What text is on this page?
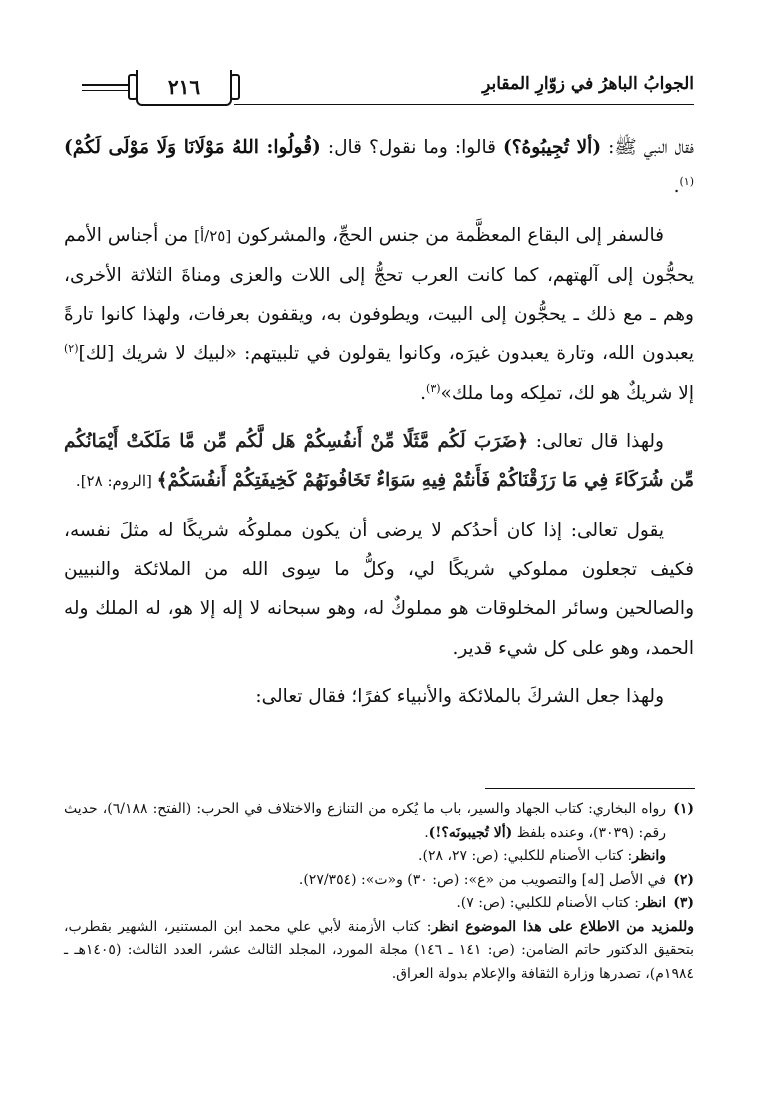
الجوابُ الباهرُ في زوّارِ المقابرِ
٢١٦

فقال النبي ﷺ: (ألا تُجِيبُوهُ؟) قالوا: وما نقول؟ قال: (قُولُوا: اللهُ مَوْلَانَا وَلَا مَوْلَى لَكُمْ)$^{(١)}$.

فالسفر إلى البقاع المعظَّمة من جنس الحجِّ، والمشركون [٢٥/أ] من أجناس الأمم يحجُّون إلى آلهتهم، كما كانت العرب تحجُّ إلى اللات والعزى ومناةَ الثلاثة الأخرى، وهم ـ مع ذلك ـ يحجُّون إلى البيت، ويطوفون به، ويقفون بعرفات، ولهذا كانوا تارةً يعبدون الله، وتارة يعبدون غيرَه، وكانوا يقولون في تلبيتهم: «لبيك لا شريك [لك]$^{(٢)}$ إلا شريكٌ هو لك، تملِكه وما ملك»$^{(٣)}$.

ولهذا قال تعالى: ﴿ضَرَبَ لَكُم مَّثَلًا مِّنْ أَنفُسِكُمْ هَل لَّكُم مِّن مَّا مَلَكَتْ أَيْمَانُكُم مِّن شُرَكَاءَ فِي مَا رَزَقْنَاكُمْ فَأَنتُمْ فِيهِ سَوَاءٌ تَخَافُونَهُمْ كَخِيفَتِكُمْ أَنفُسَكُمْ﴾ [الروم: ٢٨].

يقول تعالى: إذا كان أحدُكم لا يرضى أن يكون مملوكُه شريكًا له مثلَ نفسه، فكيف تجعلون مملوكي شريكًا لي، وكلُّ ما سِوى الله من الملائكة والنبيين والصالحين وسائر المخلوقات هو مملوكٌ له، وهو سبحانه لا إله إلا هو، له الملك وله الحمد، وهو على كل شيء قدير.

ولهذا جعل الشركَ بالملائكة والأنبياء كفرًا؛ فقال تعالى:

(١)
رواه البخاري: كتاب الجهاد والسير، باب ما يُكره من التنازع والاختلاف في الحرب: (الفتح: ٦/١٨٨)، حديث رقم: (٣٠٣٩)، وعنده بلفظ (ألا تُجيبونَه؟!).
وانظر: كتاب الأصنام للكلبي: (ص: ٢٧، ٢٨).
(٢)
في الأصل [له] والتصويب من «ع»: (ص: ٣٠) و«ت»: (٢٧/٣٥٤).
(٣)
انظر: كتاب الأصنام للكلبي: (ص: ٧).
وللمزيد من الاطلاع على هذا الموضوع انظر: كتاب الأزمنة لأبي علي محمد ابن المستنير، الشهير بقطرب، بتحقيق الدكتور حاتم الضامن: (ص: ١٤١ ـ ١٤٦) مجلة المورد، المجلد الثالث عشر، العدد الثالث: (١٤٠٥هـ ـ ١٩٨٤م)، تصدرها وزارة الثقافة والإعلام بدولة العراق.
